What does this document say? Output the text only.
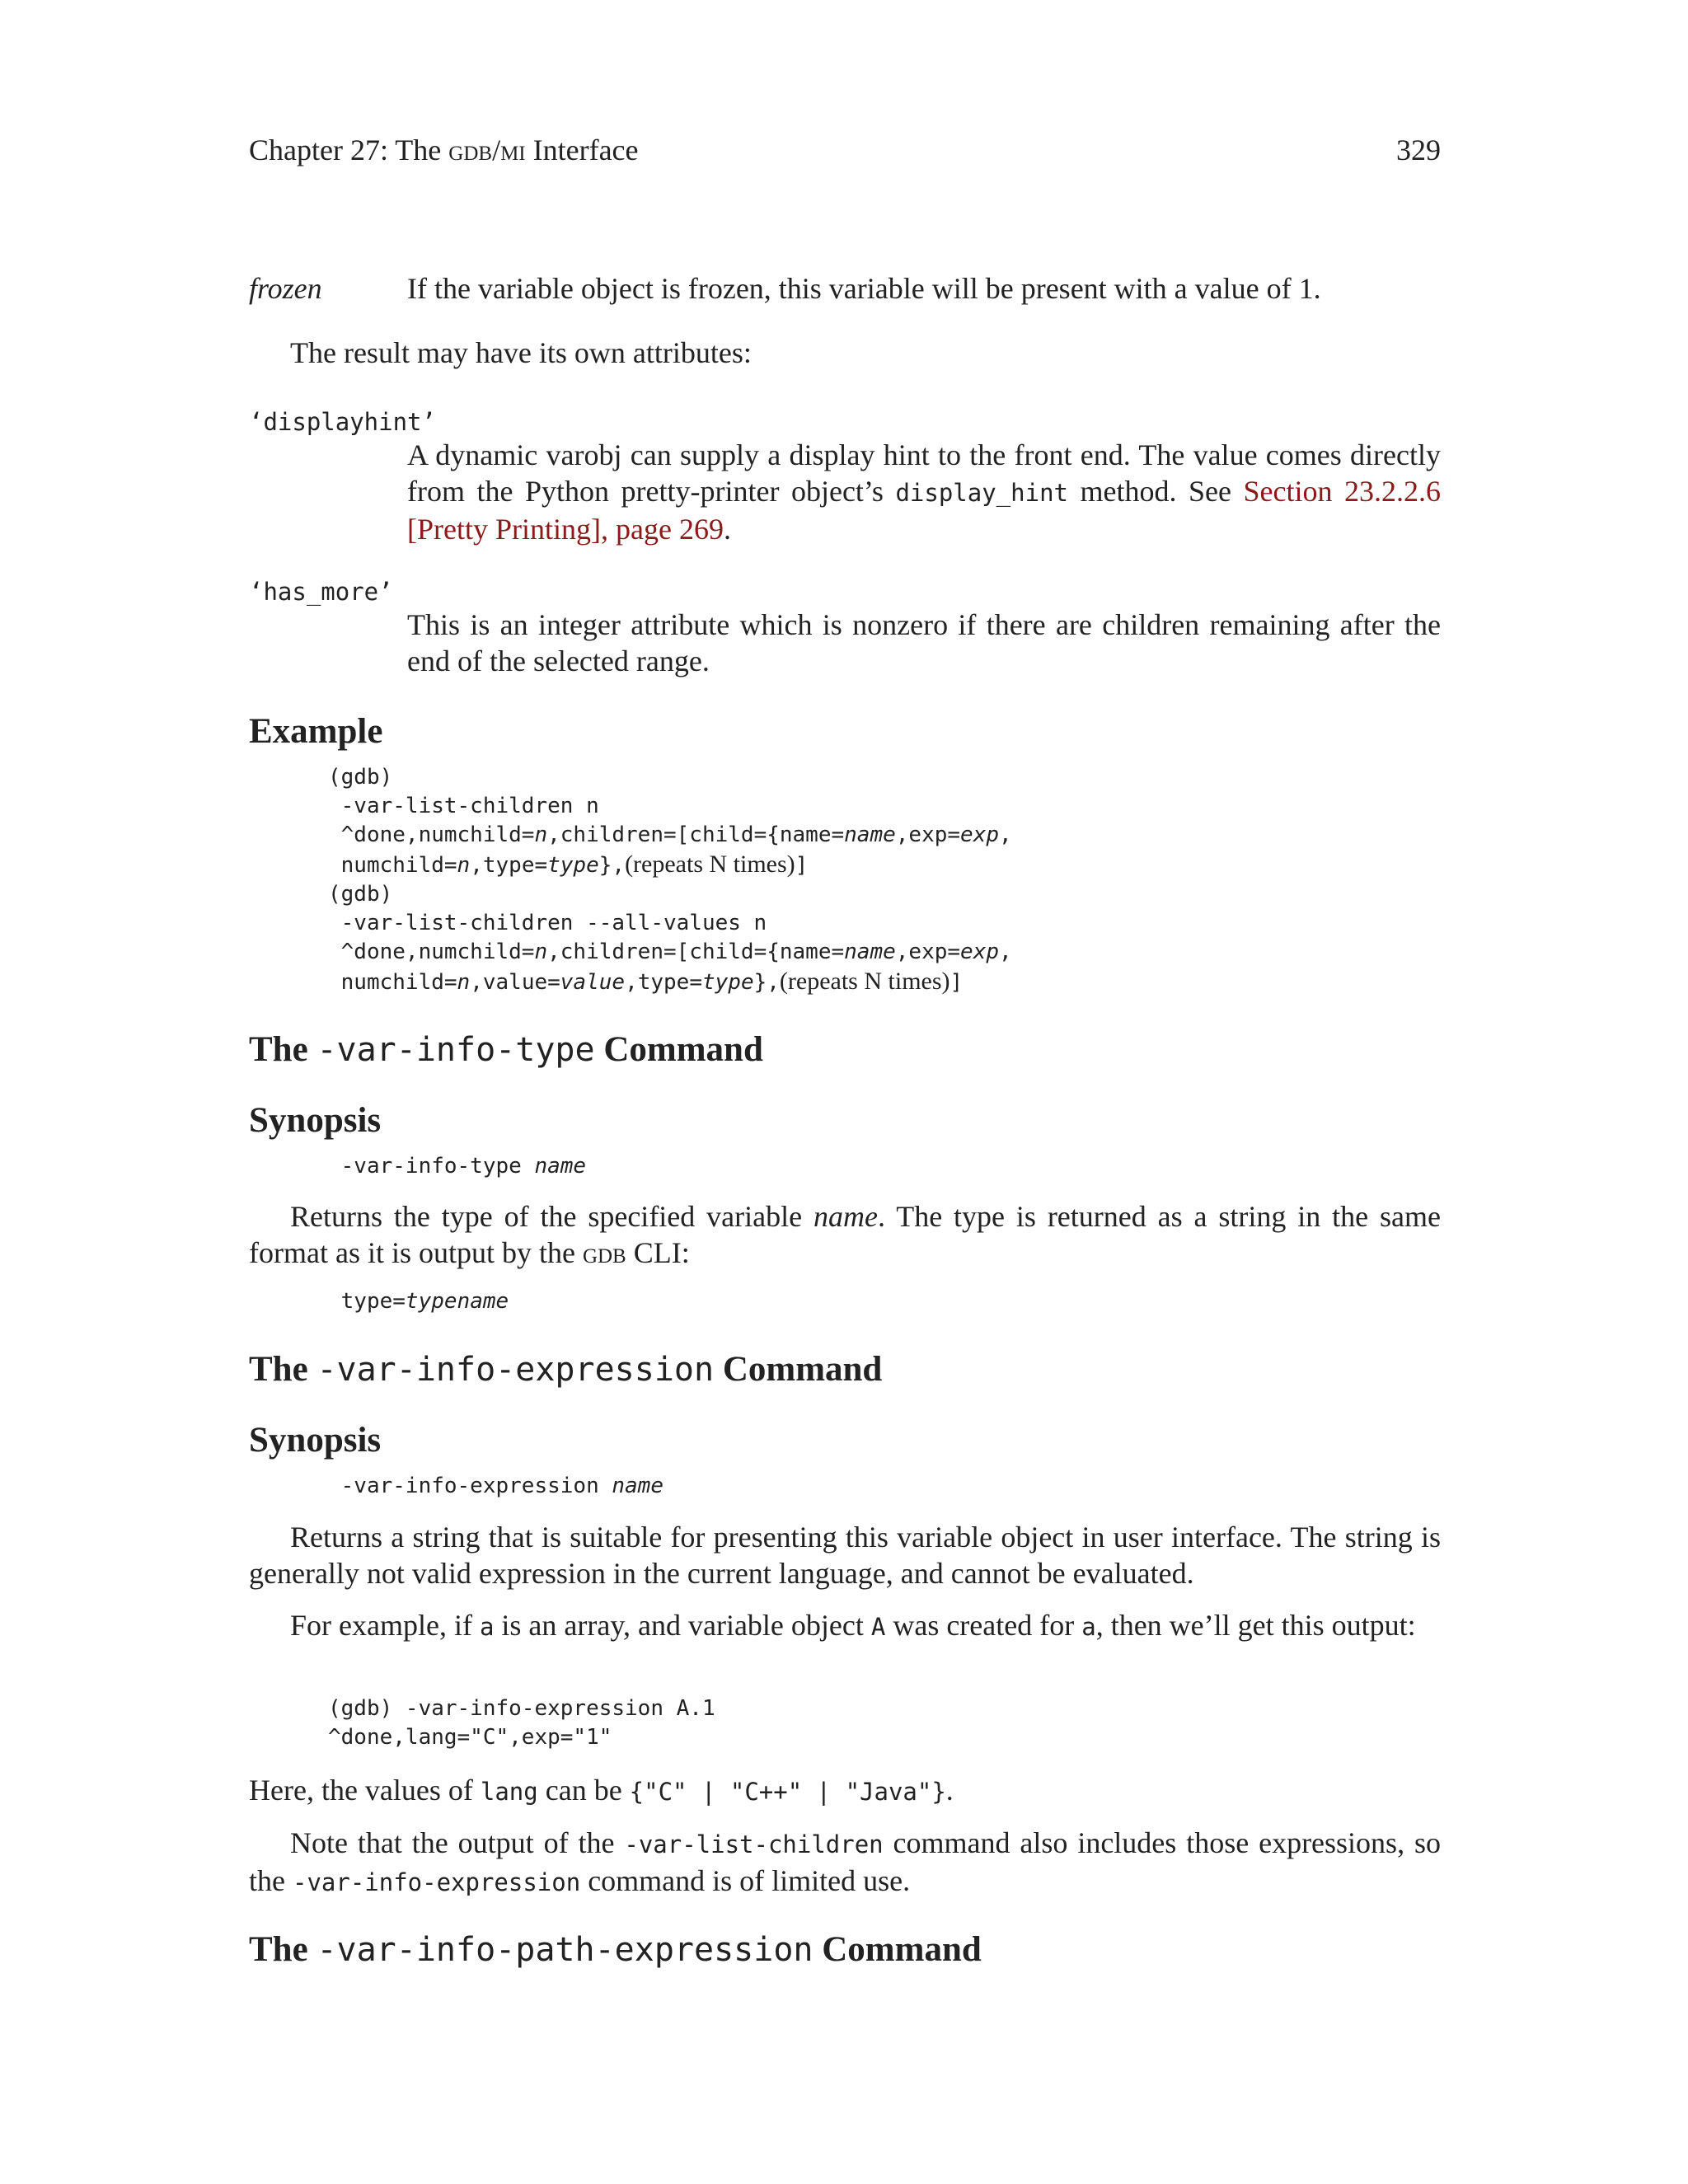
Chapter 27: The gdb/mi Interface	329
frozen	If the variable object is frozen, this variable will be present with a value of 1.
The result may have its own attributes:
‘displayhint’
A dynamic varobj can supply a display hint to the front end. The value comes directly from the Python pretty-printer object’s display_hint method. See Section 23.2.2.6 [Pretty Printing], page 269.
‘has_more’
This is an integer attribute which is nonzero if there are children remaining after the end of the selected range.
Example
(gdb)
-var-list-children n
^done,numchild=n,children=[child={name=name,exp=exp,
numchild=n,type=type},(repeats N times)]
(gdb)
-var-list-children --all-values n
^done,numchild=n,children=[child={name=name,exp=exp,
numchild=n,value=value,type=type},(repeats N times)]
The -var-info-type Command
Synopsis
-var-info-type name
Returns the type of the specified variable name. The type is returned as a string in the same format as it is output by the gdb CLI:
type=typename
The -var-info-expression Command
Synopsis
-var-info-expression name
Returns a string that is suitable for presenting this variable object in user interface. The string is generally not valid expression in the current language, and cannot be evaluated.
For example, if a is an array, and variable object A was created for a, then we’ll get this output:
(gdb) -var-info-expression A.1
^done,lang="C",exp="1"
Here, the values of lang can be {"C" | "C++" | "Java"}.
Note that the output of the -var-list-children command also includes those expressions, so the -var-info-expression command is of limited use.
The -var-info-path-expression Command
